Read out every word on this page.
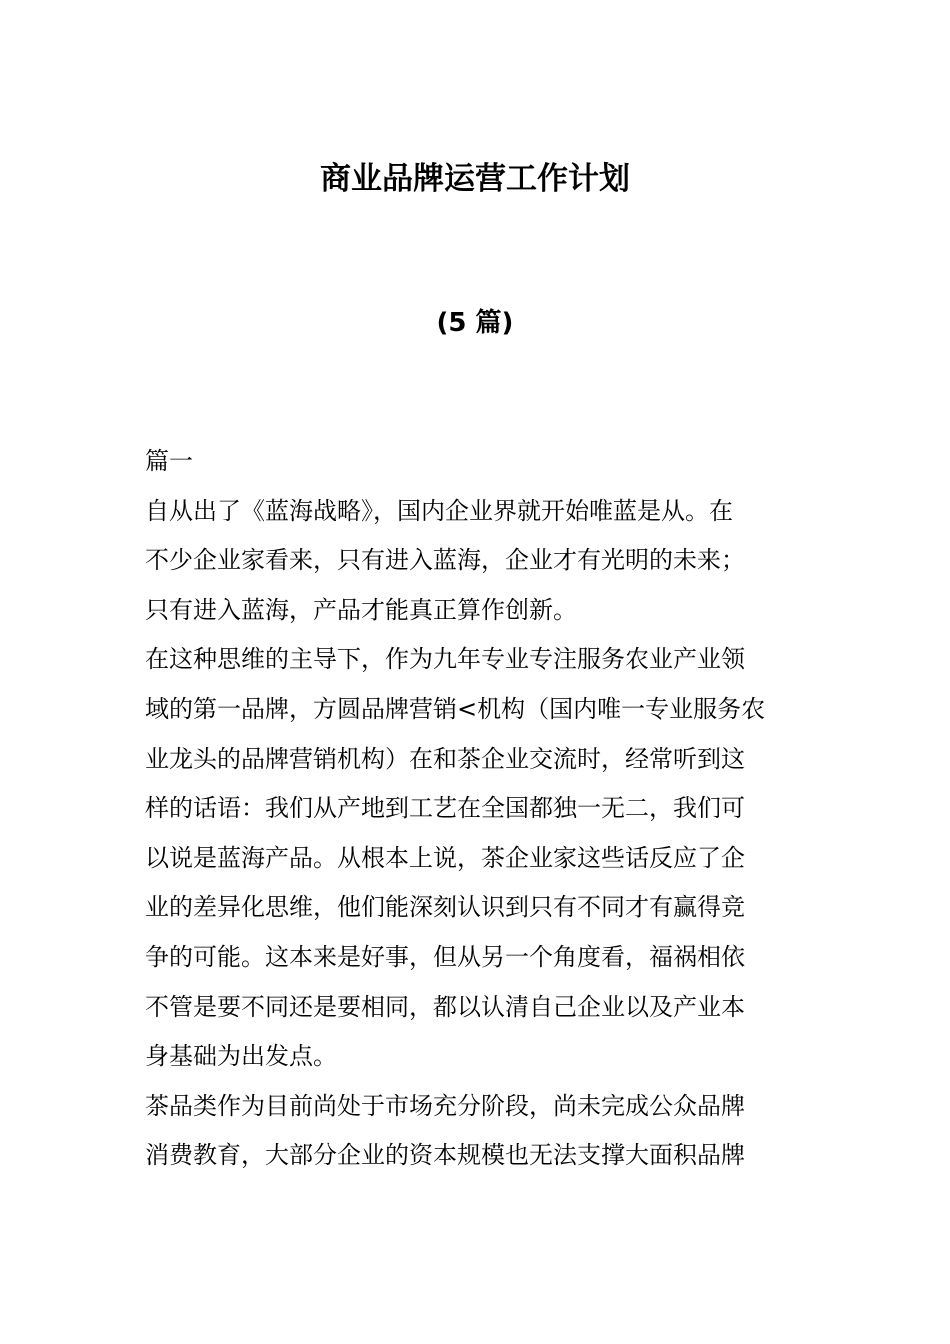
商业品牌运营工作计划
(5 篇)
篇一
自从出了《蓝海战略》，国内企业界就开始唯蓝是从。在
不少企业家看来，只有进入蓝海，企业才有光明的未来；
只有进入蓝海，产品才能真正算作创新。
在这种思维的主导下，作为九年专业专注服务农业产业领
域的第一品牌，方圆品牌营销<机构（国内唯一专业服务农
业龙头的品牌营销机构）在和茶企业交流时，经常听到这
样的话语：我们从产地到工艺在全国都独一无二，我们可
以说是蓝海产品。从根本上说，茶企业家这些话反应了企
业的差异化思维，他们能深刻认识到只有不同才有赢得竞
争的可能。这本来是好事，但从另一个角度看，福祸相依
不管是要不同还是要相同，都以认清自己企业以及产业本
身基础为出发点。
茶品类作为目前尚处于市场充分阶段，尚未完成公众品牌
消费教育，大部分企业的资本规模也无法支撑大面积品牌
